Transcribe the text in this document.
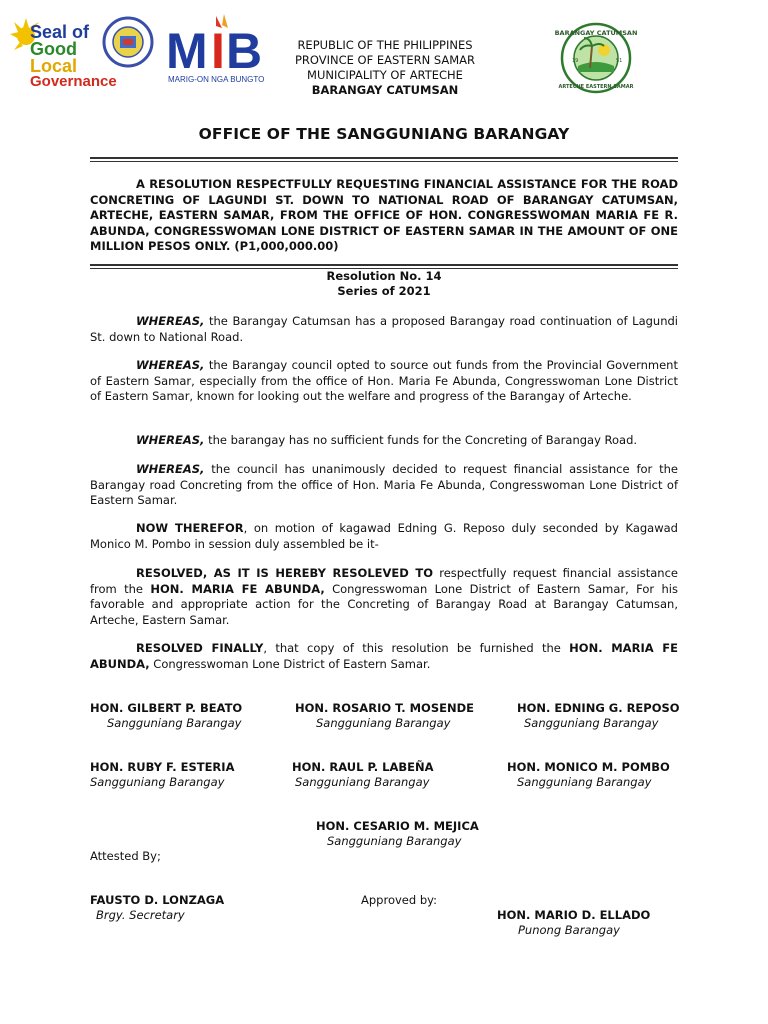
Seal of
Good
Local
Governance
M I B
MARIG-ON NGA BUNGTO
REPUBLIC OF THE PHILIPPINES
PROVINCE OF EASTERN SAMAR
MUNICIPALITY OF ARTECHE
BARANGAY CATUMSAN
BARANGAY CATUMSAN
ARTECHE EASTERN SAMAR
19	51
OFFICE OF THE SANGGUNIANG BARANGAY
A RESOLUTION RESPECTFULLY REQUESTING FINANCIAL ASSISTANCE FOR THE ROAD CONCRETING OF LAGUNDI ST. DOWN TO NATIONAL ROAD OF BARANGAY CATUMSAN, ARTECHE, EASTERN SAMAR, FROM THE OFFICE OF HON. CONGRESSWOMAN MARIA FE R. ABUNDA, CONGRESSWOMAN LONE DISTRICT OF EASTERN SAMAR IN THE AMOUNT OF ONE MILLION PESOS ONLY. (P1,000,000.00)
Resolution No. 14
Series of 2021
WHEREAS, the Barangay Catumsan has a proposed Barangay road continuation of Lagundi St. down to National Road.
WHEREAS, the Barangay council opted to source out funds from the Provincial Government of Eastern Samar, especially from the office of Hon. Maria Fe Abunda, Congresswoman Lone District of Eastern Samar, known for looking out the welfare and progress of the Barangay of Arteche.
WHEREAS, the barangay has no sufficient funds for the Concreting of Barangay Road.
WHEREAS, the council has unanimously decided to request financial assistance for the Barangay road Concreting from the office of Hon. Maria Fe Abunda, Congresswoman Lone District of Eastern Samar.
NOW THEREFOR, on motion of kagawad Edning G. Reposo duly seconded by Kagawad Monico M. Pombo in session duly assembled be it-
RESOLVED, AS IT IS HEREBY RESOLEVED TO respectfully request financial assistance from the HON. MARIA FE ABUNDA, Congresswoman Lone District of Eastern Samar, For his favorable and appropriate action for the Concreting of Barangay Road at Barangay Catumsan, Arteche, Eastern Samar.
RESOLVED FINALLY, that copy of this resolution be furnished the HON. MARIA FE ABUNDA, Congresswoman Lone District of Eastern Samar.
HON. GILBERT P. BEATO
Sangguniang Barangay
HON. ROSARIO T. MOSENDE
Sangguniang Barangay
HON. EDNING G. REPOSO
Sangguniang Barangay
HON. RUBY F. ESTERIA
Sangguniang Barangay
HON. RAUL P. LABEÑA
Sangguniang Barangay
HON. MONICO M. POMBO
Sangguniang Barangay
HON. CESARIO M. MEJICA
Sangguniang Barangay
Attested By;
FAUSTO D. LONZAGA
Brgy. Secretary
Approved by:
HON. MARIO D. ELLADO
Punong Barangay
